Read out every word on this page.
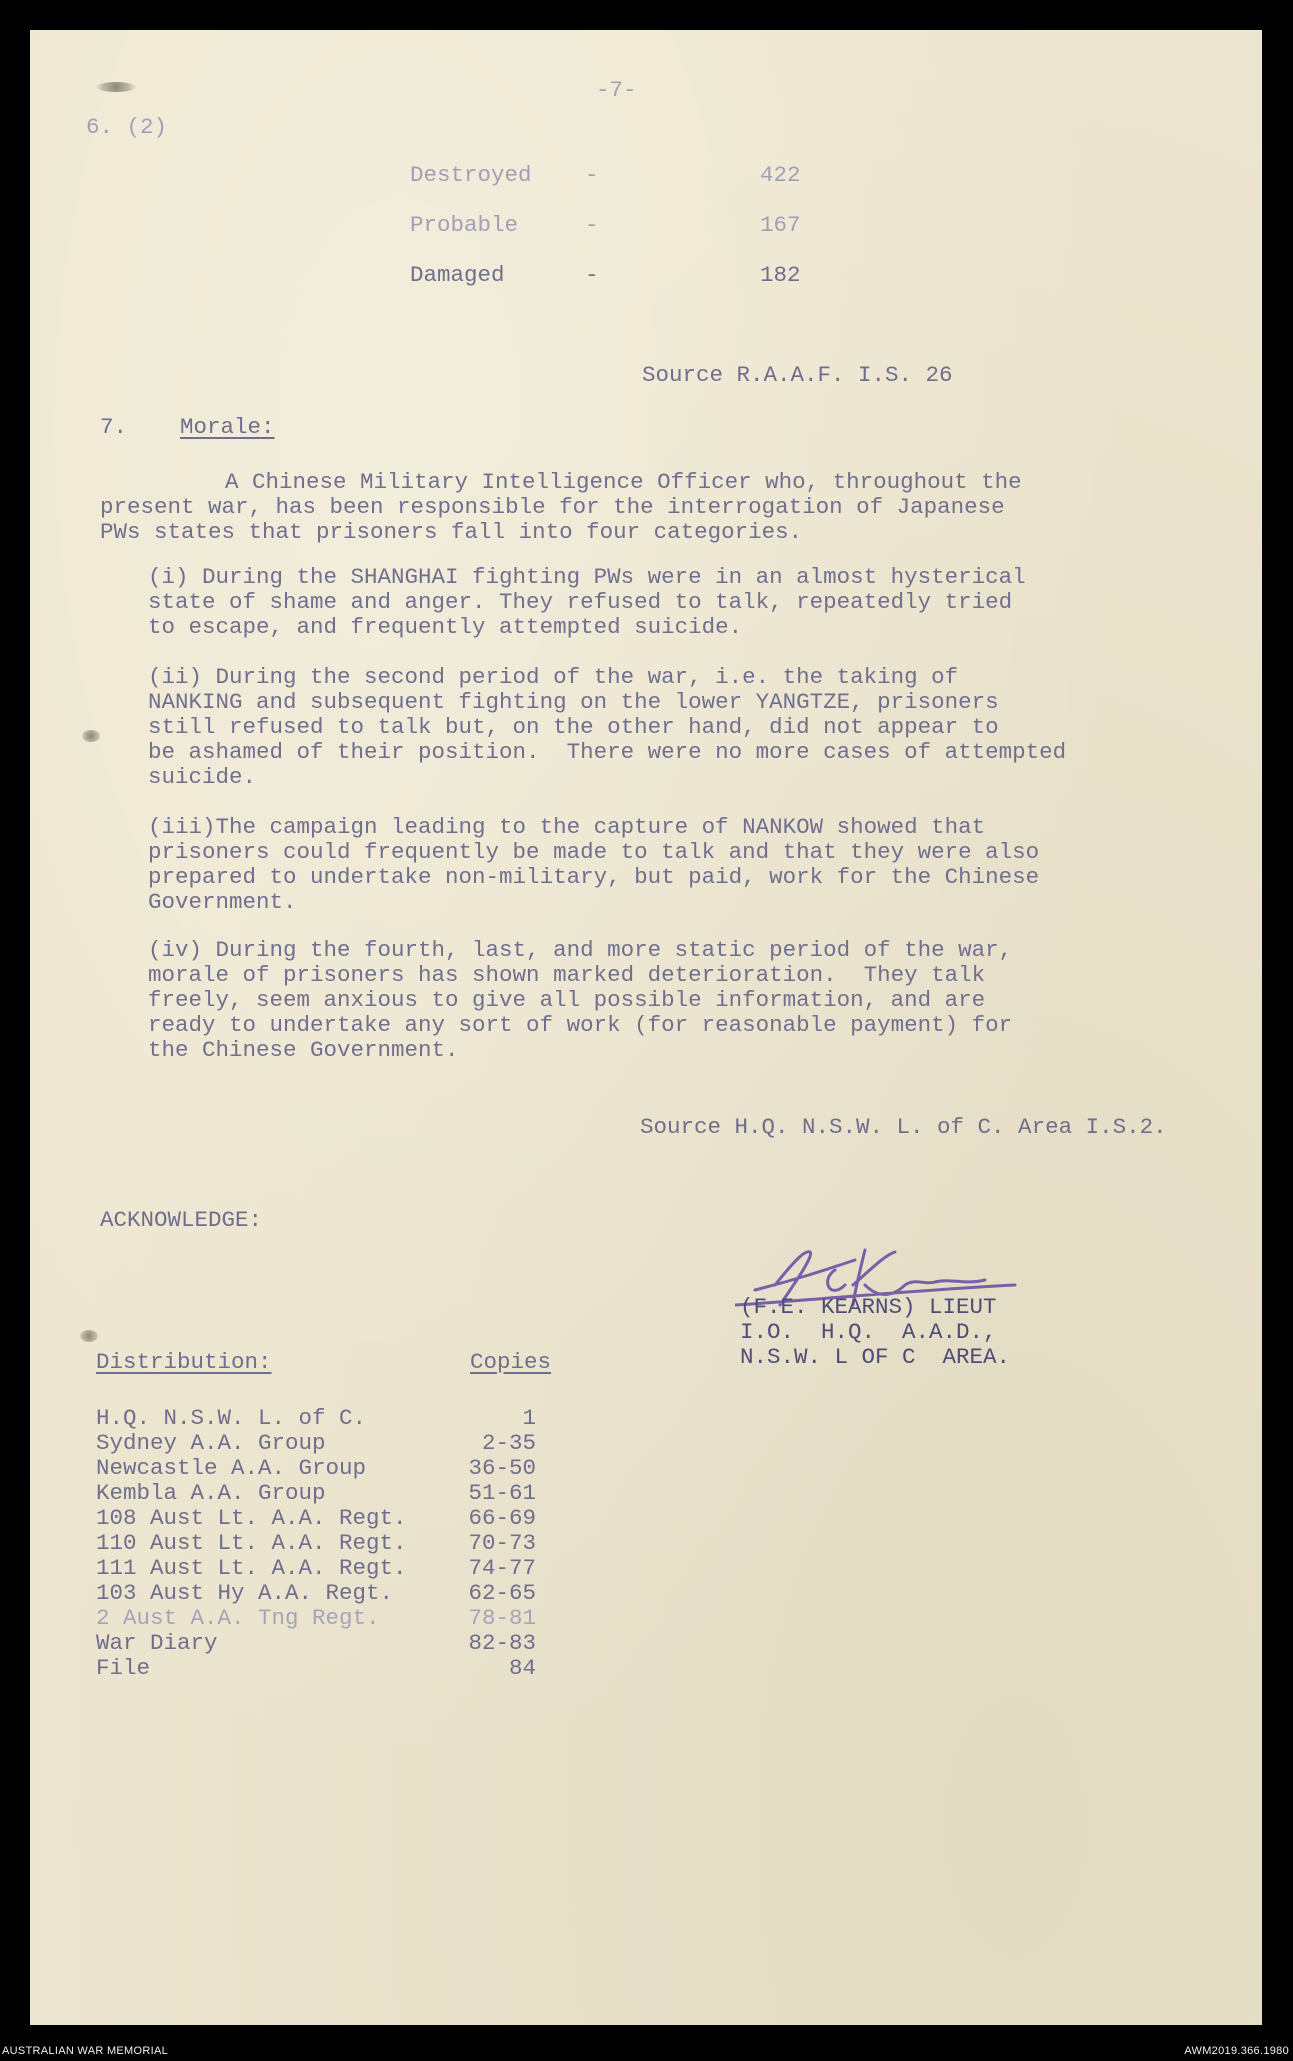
-7-
6. (2)
Destroyed -	422
Probable	-	167
Damaged	-	182
Source R.A.A.F. I.S. 26
7. Morale:
A Chinese Military Intelligence Officer who, throughout the
present war, has been responsible for the interrogation of Japanese
PWs states that prisoners fall into four categories.
(i) During the SHANGHAI fighting PWs were in an almost hysterical
state of shame and anger. They refused to talk, repeatedly tried
to escape, and frequently attempted suicide.
(ii) During the second period of the war, i.e. the taking of
NANKING and subsequent fighting on the lower YANGTZE, prisoners
still refused to talk but, on the other hand, did not appear to
be ashamed of their position.  There were no more cases of attempted
suicide.
(iii)The campaign leading to the capture of NANKOW showed that
prisoners could frequently be made to talk and that they were also
prepared to undertake non-military, but paid, work for the Chinese
Government.
(iv) During the fourth, last, and more static period of the war,
morale of prisoners has shown marked deterioration.  They talk
freely, seem anxious to give all possible information, and are
ready to undertake any sort of work (for reasonable payment) for
the Chinese Government.
Source H.Q. N.S.W. L. of C. Area I.S.2.
ACKNOWLEDGE:
(F.E. KEARNS) LIEUT
I.O.  H.Q.  A.A.D.,
N.S.W. L OF C  AREA.
Distribution:	Copies
H.Q. N.S.W. L. of C.	1
Sydney A.A. Group	2-35
Newcastle A.A. Group	36-50
Kembla A.A. Group	51-61
108 Aust Lt. A.A. Regt.	66-69
110 Aust Lt. A.A. Regt.	70-73
111 Aust Lt. A.A. Regt.	74-77
103 Aust Hy A.A. Regt.	62-65
2 Aust A.A. Tng Regt.	78-81
War Diary	82-83
File	84
AUSTRALIAN WAR MEMORIAL	AWM2019.366.1980
